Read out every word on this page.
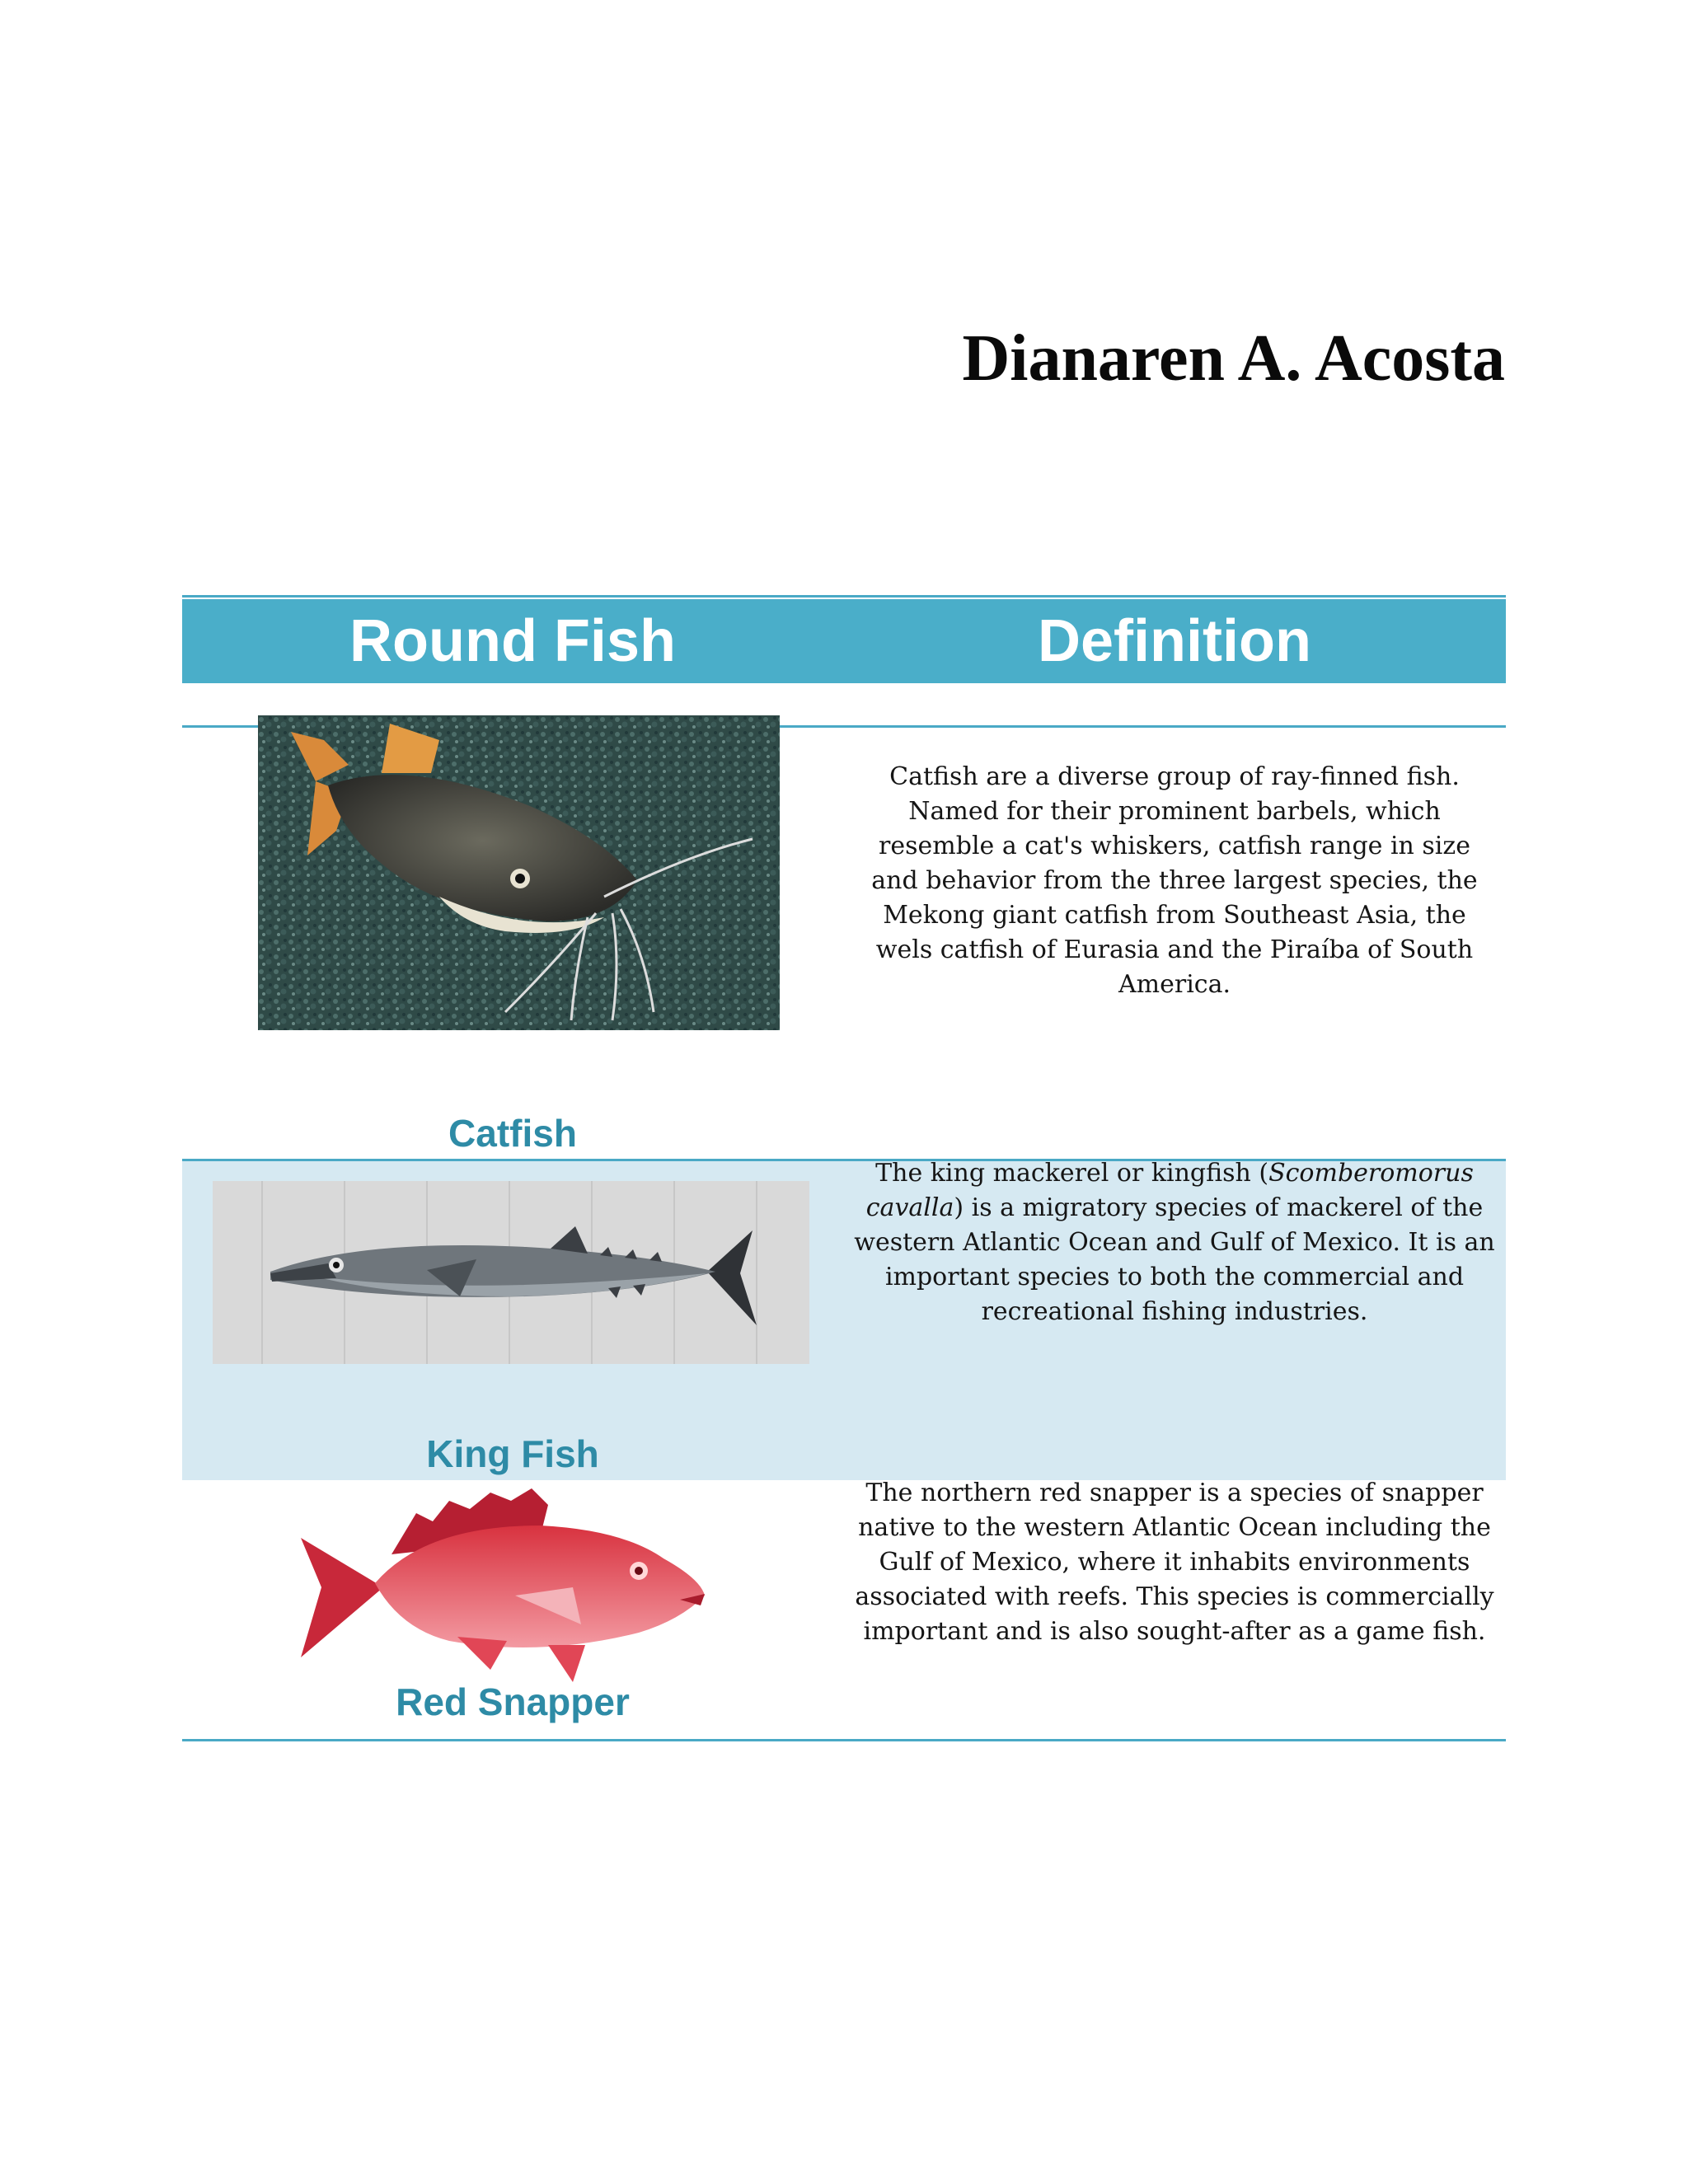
Dianaren A. Acosta
Round Fish	Definition
Catfish are a diverse group of ray-finned fish. Named for their prominent barbels, which resemble a cat's whiskers, catfish range in size and behavior from the three largest species, the Mekong giant catfish from Southeast Asia, the wels catfish of Eurasia and the Piraíba of South America.
Catfish
The king mackerel or kingfish (Scomberomorus cavalla) is a migratory species of mackerel of the western Atlantic Ocean and Gulf of Mexico. It is an important species to both the commercial and recreational fishing industries.
King Fish
Red Snapper
The northern red snapper is a species of snapper native to the western Atlantic Ocean including the Gulf of Mexico, where it inhabits environments associated with reefs. This species is commercially important and is also sought-after as a game fish.
